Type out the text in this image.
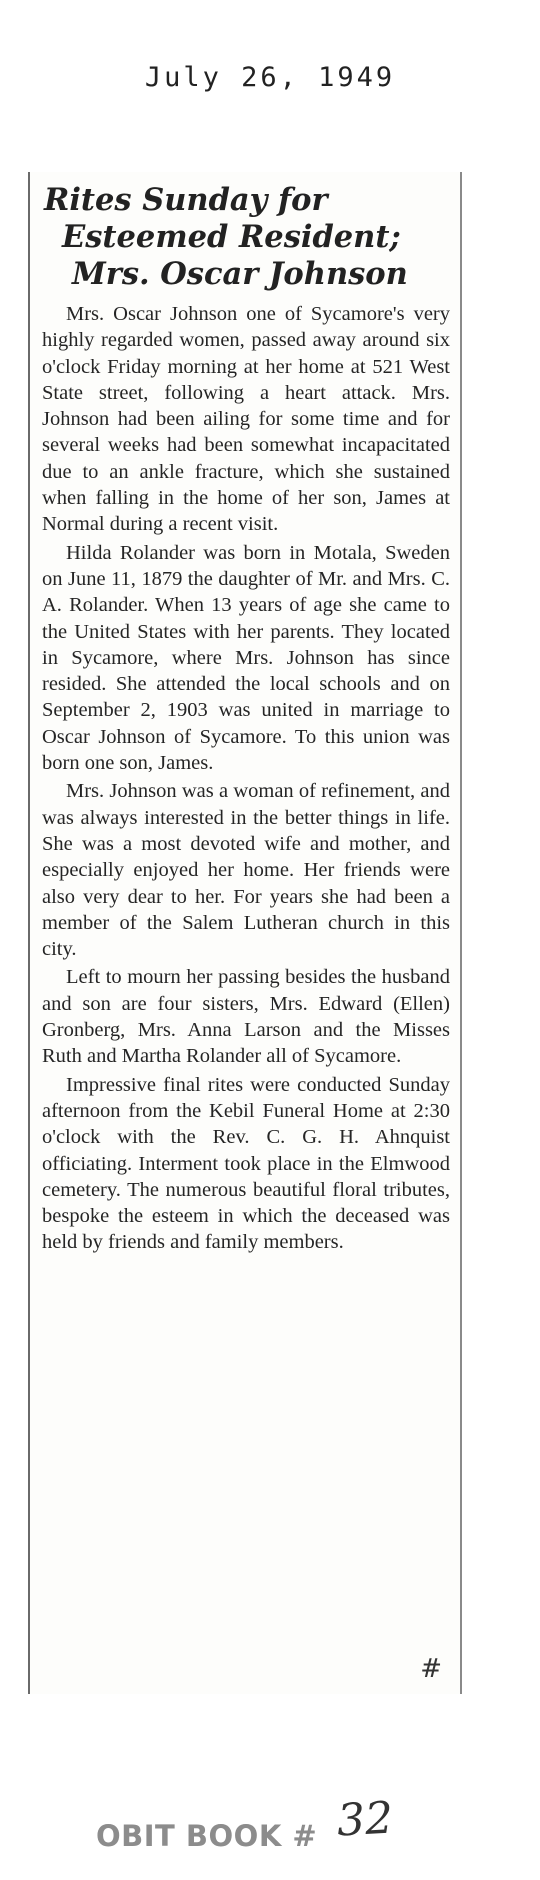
July 26, 1949
Rites Sunday for
Esteemed Resident;
Mrs. Oscar Johnson

Mrs. Oscar Johnson one of Sycamore's very highly regarded women, passed away around six o'clock Friday morning at her home at 521 West State street, following a heart attack. Mrs. Johnson had been ailing for some time and for several weeks had been somewhat incapacitated due to an ankle fracture, which she sustained when falling in the home of her son, James at Normal during a recent visit.

Hilda Rolander was born in Motala, Sweden on June 11, 1879 the daughter of Mr. and Mrs. C. A. Rolander. When 13 years of age she came to the United States with her parents. They located in Sycamore, where Mrs. Johnson has since resided. She attended the local schools and on September 2, 1903 was united in marriage to Oscar Johnson of Sycamore. To this union was born one son, James.

Mrs. Johnson was a woman of refinement, and was always interested in the better things in life. She was a most devoted wife and mother, and especially enjoyed her home. Her friends were also very dear to her. For years she had been a member of the Salem Lutheran church in this city.

Left to mourn her passing besides the husband and son are four sisters, Mrs. Edward (Ellen) Gronberg, Mrs. Anna Larson and the Misses Ruth and Martha Rolander all of Sycamore.

Impressive final rites were conducted Sunday afternoon from the Kebil Funeral Home at 2:30 o'clock with the Rev. C. G. H. Ahnquist officiating. Interment took place in the Elmwood cemetery. The numerous beautiful floral tributes, bespoke the esteem in which the deceased was held by friends and family members.

#
OBIT BOOK # 32
